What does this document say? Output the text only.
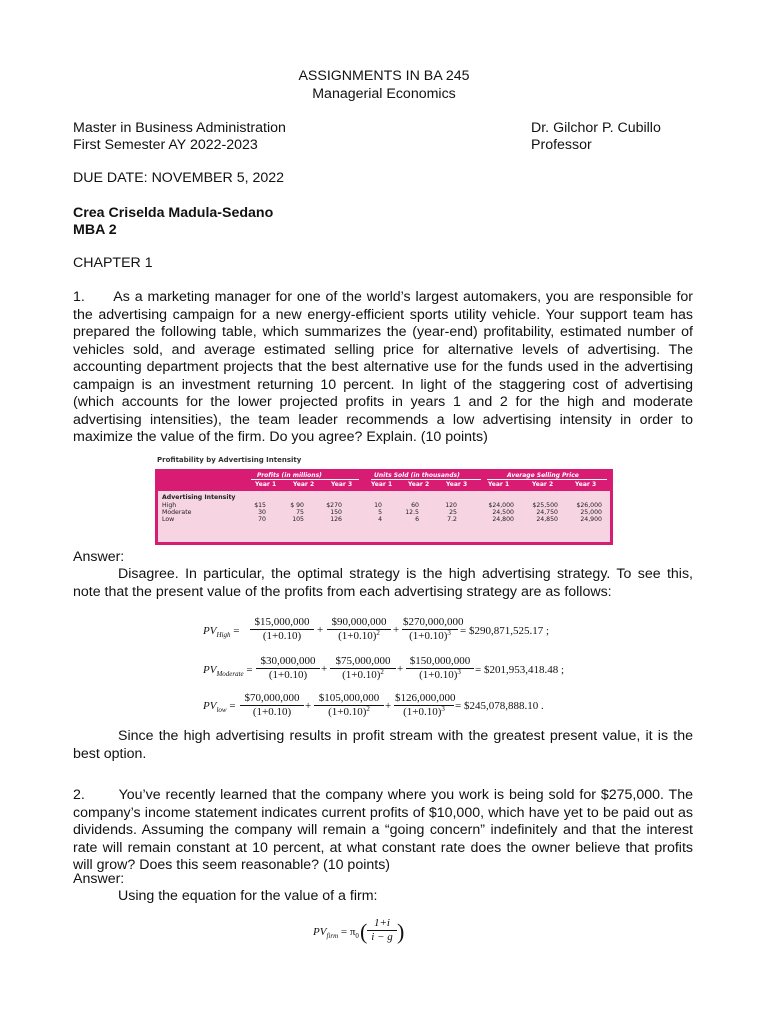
ASSIGNMENTS IN BA 245
Managerial Economics
Master in Business Administration
First Semester AY 2022-2023
Dr. Gilchor P. Cubillo
Professor
DUE DATE: NOVEMBER 5, 2022
Crea Criselda Madula-Sedano
MBA 2
CHAPTER 1
1.      As a marketing manager for one of the world’s largest automakers, you are responsible for the advertising campaign for a new energy-efficient sports utility vehicle. Your support team has prepared the following table, which summarizes the (year-end) profitability, estimated number of vehicles sold, and average estimated selling price for alternative levels of advertising. The accounting department projects that the best alternative use for the funds used in the advertising campaign is an investment returning 10 percent. In light of the staggering cost of advertising (which accounts for the lower projected profits in years 1 and 2 for the high and moderate advertising intensities), the team leader recommends a low advertising intensity in order to maximize the value of the firm. Do you agree? Explain. (10 points)
Profitability by Advertising Intensity
Profits (in millions)	Units Sold (in thousands)	Average Selling Price
Year 1	Year 2	Year 3	Year 1	Year 2	Year 3	Year 1	Year 2	Year 3
Advertising Intensity
High	$15	$ 90	$270	10	60	120	$24,000	$25,500	$26,000
Moderate	30	75	150	5	12.5	25	24,500	24,750	25,000
Low	70	105	126	4	6	7.2	24,800	24,850	24,900
Answer:
Disagree. In particular, the optimal strategy is the high advertising strategy. To see this, note that the present value of the profits from each advertising strategy are as follows:
$PV_{High} = \frac{\$15,000,000}{(1+0.10)} + \frac{\$90,000,000}{(1+0.10)^2} + \frac{\$270,000,000}{(1+0.10)^3}$ = $290,871,525.17 ;
$PV_{Moderate} = \frac{\$30,000,000}{(1+0.10)} + \frac{\$75,000,000}{(1+0.10)^2} + \frac{\$150,000,000}{(1+0.10)^3}$ = $201,953,418.48 ;
$PV_{low} = \frac{\$70,000,000}{(1+0.10)} + \frac{\$105,000,000}{(1+0.10)^2} + \frac{\$126,000,000}{(1+0.10)^3}$ = $245,078,888.10 .
Since the high advertising results in profit stream with the greatest present value, it is the best option.
2.       You’ve recently learned that the company where you work is being sold for $275,000. The company’s income statement indicates current profits of $10,000, which have yet to be paid out as dividends. Assuming the company will remain a “going concern” indefinitely and that the interest rate will remain constant at 10 percent, at what constant rate does the owner believe that profits will grow? Does this seem reasonable? (10 points)
Answer:
Using the equation for the value of a firm:
$PV_{firm} = \pi_0$ ( $\frac{1+i}{i - g}$ )
